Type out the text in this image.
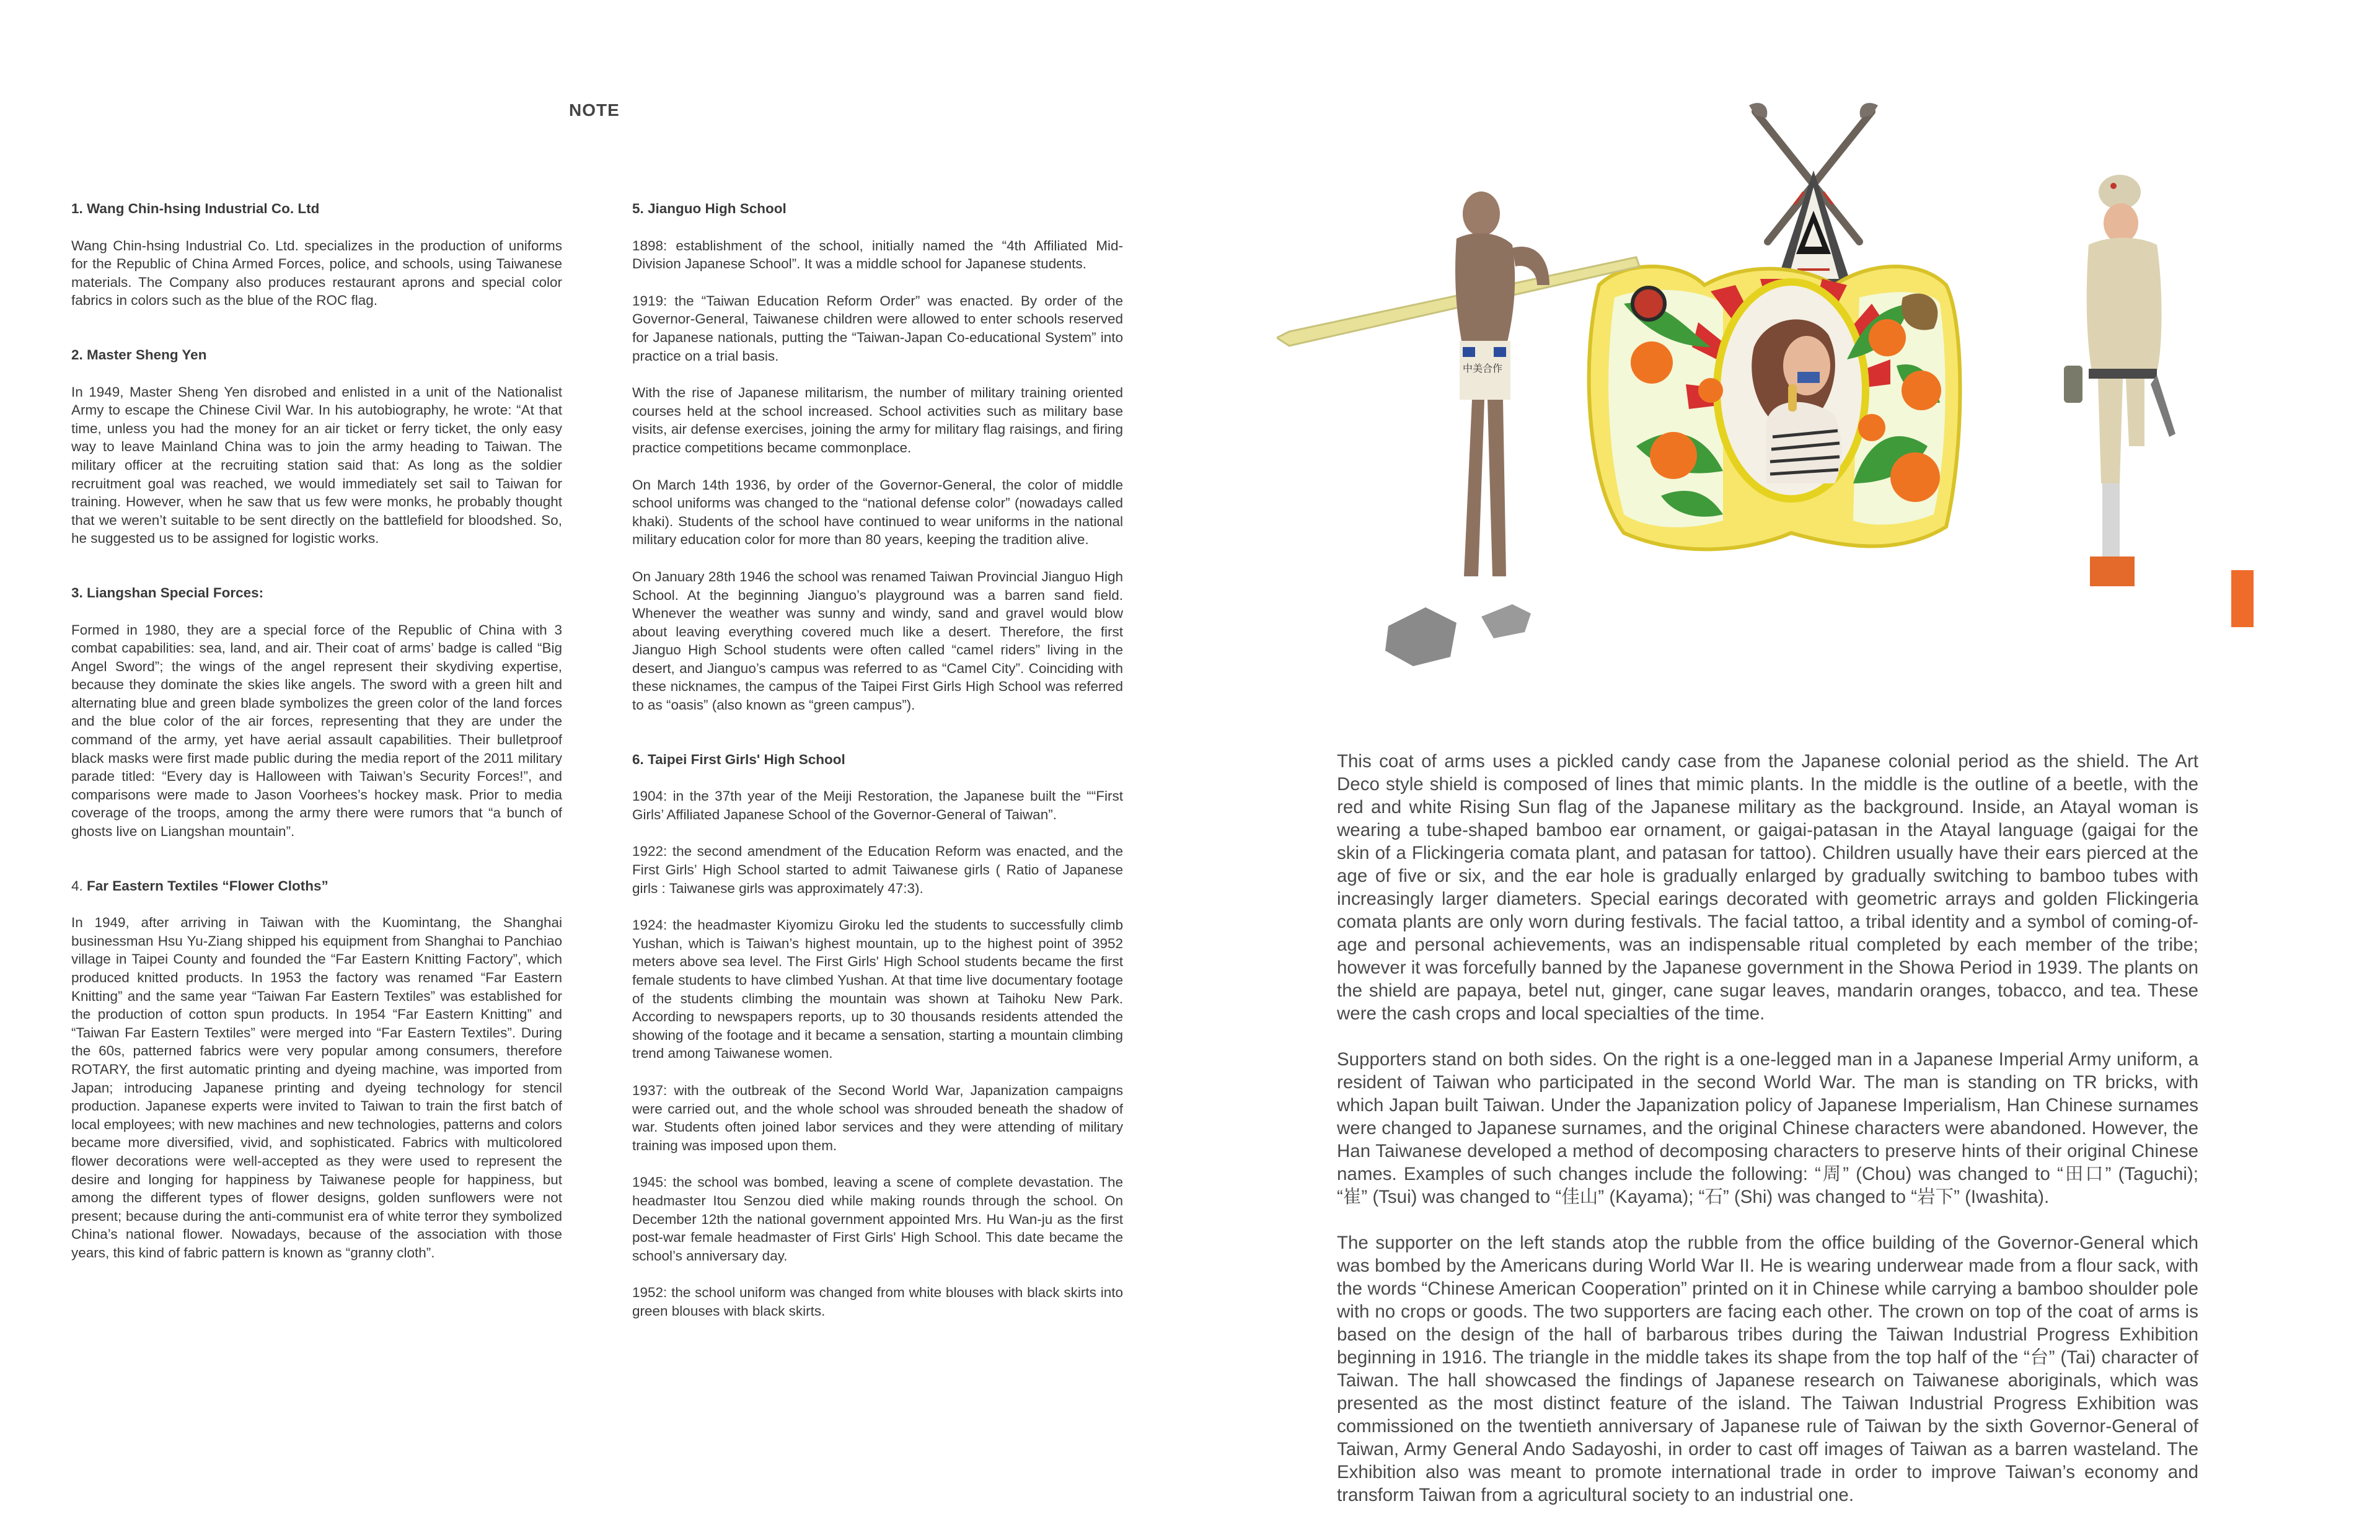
NOTE
1. Wang Chin-hsing Industrial Co. Ltd
Wang Chin-hsing Industrial Co. Ltd. specializes in the production of uniforms for the Republic of China Armed Forces, police, and schools, using Taiwanese materials. The Company also produces restaurant aprons and special color fabrics in colors such as the blue of the ROC flag.
2. Master Sheng Yen
In 1949, Master Sheng Yen disrobed and enlisted in a unit of the Nationalist Army to escape the Chinese Civil War. In his autobiography, he wrote: “At that time, unless you had the money for an air ticket or ferry ticket, the only easy way to leave Mainland China was to join the army heading to Taiwan. The military officer at the recruiting station said that: As long as the soldier recruitment goal was reached, we would immediately set sail to Taiwan for training. However, when he saw that us few were monks, he probably thought that we weren’t suitable to be sent directly on the battlefield for bloodshed. So, he suggested us to be assigned for logistic works.
3. Liangshan Special Forces:
Formed in 1980, they are a special force of the Republic of China with 3 combat capabilities: sea, land, and air. Their coat of arms’ badge is called “Big Angel Sword”; the wings of the angel represent their skydiving expertise, because they dominate the skies like angels. The sword with a green hilt and alternating blue and green blade symbolizes the green color of the land forces and the blue color of the air forces, representing that they are under the command of the army, yet have aerial assault capabilities. Their bulletproof black masks were first made public during the media report of the 2011 military parade titled: “Every day is Halloween with Taiwan’s Security Forces!”, and comparisons were made to Jason Voorhees’s hockey mask. Prior to media coverage of the troops, among the army there were rumors that “a bunch of ghosts live on Liangshan mountain”.
4. Far Eastern Textiles “Flower Cloths”
In 1949, after arriving in Taiwan with the Kuomintang, the Shanghai businessman Hsu Yu-Ziang shipped his equipment from Shanghai to Panchiao village in Taipei County and founded the “Far Eastern Knitting Factory”, which produced knitted products. In 1953 the factory was renamed “Far Eastern Knitting” and the same year “Taiwan Far Eastern Textiles” was established for the production of cotton spun products. In 1954 “Far Eastern Knitting” and “Taiwan Far Eastern Textiles” were merged into “Far Eastern Textiles”. During the 60s, patterned fabrics were very popular among consumers, therefore ROTARY, the first automatic printing and dyeing machine, was imported from Japan; introducing Japanese printing and dyeing technology for stencil production. Japanese experts were invited to Taiwan to train the first batch of local employees; with new machines and new technologies, patterns and colors became more diversified, vivid, and sophisticated. Fabrics with multicolored flower decorations were well-accepted as they were used to represent the desire and longing for happiness by Taiwanese people for happiness, but among the different types of flower designs, golden sunflowers were not present; because during the anti-communist era of white terror they symbolized China’s national flower. Nowadays, because of the association with those years, this kind of fabric pattern is known as “granny cloth”.
5. Jianguo High School
1898: establishment of the school, initially named the “4th Affiliated Mid-Division Japanese School”. It was a middle school for Japanese students.
1919: the “Taiwan Education Reform Order” was enacted. By order of the Governor-General, Taiwanese children were allowed to enter schools reserved for Japanese nationals, putting the “Taiwan-Japan Co-educational System” into practice on a trial basis.
With the rise of Japanese militarism, the number of military training oriented courses held at the school increased. School activities such as military base visits, air defense exercises, joining the army for military flag raisings, and firing practice competitions became commonplace.
On March 14th 1936, by order of the Governor-General, the color of middle school uniforms was changed to the “national defense color” (nowadays called khaki). Students of the school have continued to wear uniforms in the national military education color for more than 80 years, keeping the tradition alive.
On January 28th 1946 the school was renamed Taiwan Provincial Jianguo High School. At the beginning Jianguo’s playground was a barren sand field. Whenever the weather was sunny and windy, sand and gravel would blow about leaving everything covered much like a desert. Therefore, the first Jianguo High School students were often called “camel riders” living in the desert, and Jianguo’s campus was referred to as “Camel City”. Coinciding with these nicknames, the campus of the Taipei First Girls High School was referred to as “oasis” (also known as “green campus”).
6. Taipei First Girls' High School
1904: in the 37th year of the Meiji Restoration, the Japanese built the ““First Girls’ Affiliated Japanese School of the Governor-General of Taiwan”.
1922: the second amendment of the Education Reform was enacted, and the First Girls’ High School started to admit Taiwanese girls ( Ratio of Japanese girls : Taiwanese girls was approximately 47:3).
1924: the headmaster Kiyomizu Giroku led the students to successfully climb Yushan, which is Taiwan’s highest mountain, up to the highest point of 3952 meters above sea level. The First Girls' High School students became the first female students to have climbed Yushan. At that time live documentary footage of the students climbing the mountain was shown at Taihoku New Park. According to newspapers reports, up to 30 thousands residents attended the showing of the footage and it became a sensation, starting a mountain climbing trend among Taiwanese women.
1937: with the outbreak of the Second World War, Japanization campaigns were carried out, and the whole school was shrouded beneath the shadow of war. Students often joined labor services and they were attending of military training was imposed upon them.
1945: the school was bombed, leaving a scene of complete devastation. The headmaster Itou Senzou died while making rounds through the school. On December 12th the national government appointed Mrs. Hu Wan-ju as the first post-war female headmaster of First Girls' High School. This date became the school’s anniversary day.
1952: the school uniform was changed from white blouses with black skirts into green blouses with black skirts.
中美合作
This coat of arms uses a pickled candy case from the Japanese colonial period as the shield. The Art Deco style shield is composed of lines that mimic plants. In the middle is the outline of a beetle, with the red and white Rising Sun flag of the Japanese military as the background. Inside, an Atayal woman is wearing a tube-shaped bamboo ear ornament, or gaigai-patasan in the Atayal language (gaigai for the skin of a Flickingeria comata plant, and patasan for tattoo). Children usually have their ears pierced at the age of five or six, and the ear hole is gradually enlarged by gradually switching to bamboo tubes with increasingly larger diameters. Special earings decorated with geometric arrays and golden Flickingeria comata plants are only worn during festivals. The facial tattoo, a tribal identity and a symbol of coming-of-age and personal achievements, was an indispensable ritual completed by each member of the tribe; however it was forcefully banned by the Japanese government in the Showa Period in 1939. The plants on the shield are papaya, betel nut, ginger, cane sugar leaves, mandarin oranges, tobacco, and tea. These were the cash crops and local specialties of the time.
Supporters stand on both sides. On the right is a one-legged man in a Japanese Imperial Army uniform, a resident of Taiwan who participated in the second World War. The man is standing on TR bricks, with which Japan built Taiwan. Under the Japanization policy of Japanese Imperialism, Han Chinese surnames were changed to Japanese surnames, and the original Chinese characters were abandoned. However, the Han Taiwanese developed a method of decomposing characters to preserve hints of their original Chinese names. Examples of such changes include the following: “周” (Chou) was changed to “田口” (Taguchi); “崔” (Tsui) was changed to “佳山” (Kayama); “石” (Shi) was changed to “岩下” (Iwashita).
The supporter on the left stands atop the rubble from the office building of the Governor-General which was bombed by the Americans during World War II. He is wearing underwear made from a flour sack, with the words “Chinese American Cooperation” printed on it in Chinese while carrying a bamboo shoulder pole with no crops or goods. The two supporters are facing each other. The crown on top of the coat of arms is based on the design of the hall of barbarous tribes during the Taiwan Industrial Progress Exhibition beginning in 1916. The triangle in the middle takes its shape from the top half of the “台” (Tai) character of Taiwan. The hall showcased the findings of Japanese research on Taiwanese aboriginals, which was presented as the most distinct feature of the island. The Taiwan Industrial Progress Exhibition was commissioned on the twentieth anniversary of Japanese rule of Taiwan by the sixth Governor-General of Taiwan, Army General Ando Sadayoshi, in order to cast off images of Taiwan as a barren wasteland. The Exhibition also was meant to promote international trade in order to improve Taiwan’s economy and transform Taiwan from a agricultural society to an industrial one.
